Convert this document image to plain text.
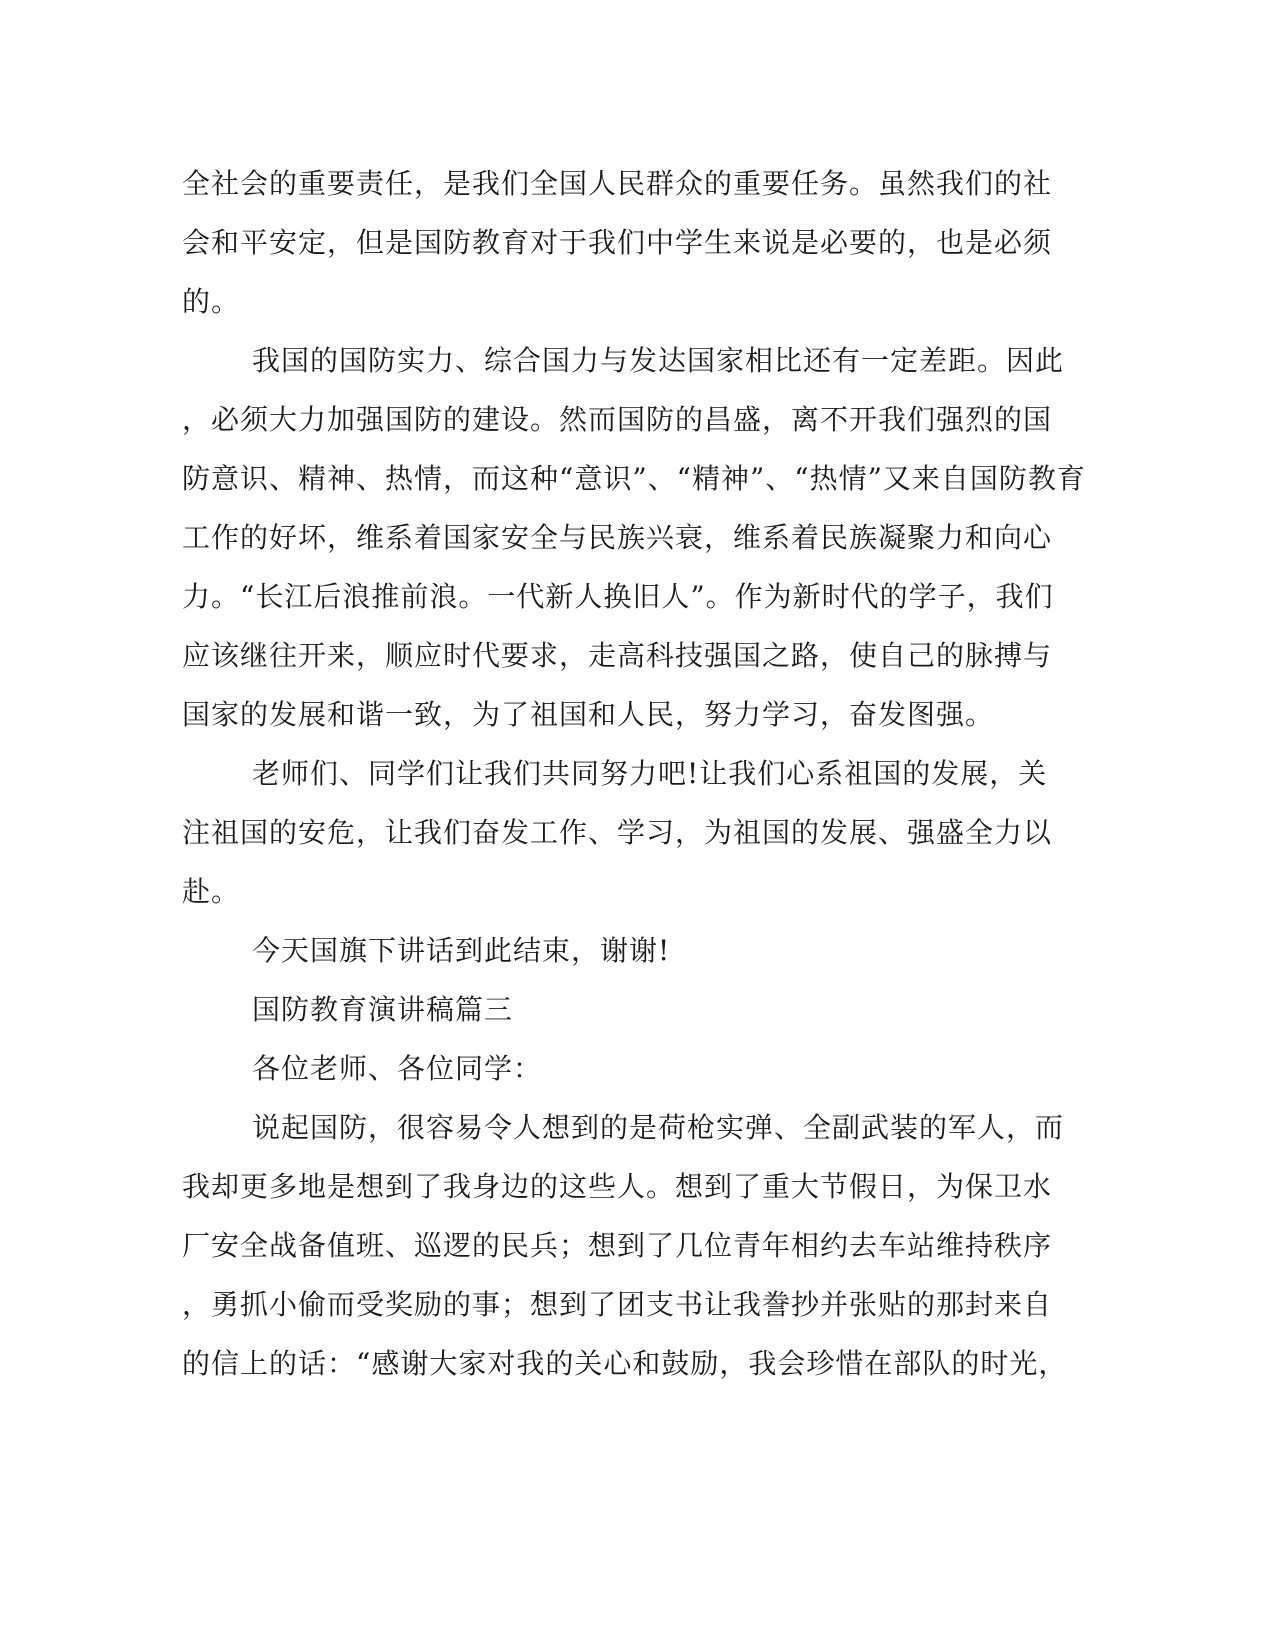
全社会的重要责任，是我们全国人民群众的重要任务。虽然我们的社
会和平安定，但是国防教育对于我们中学生来说是必要的，也是必须
的。
我国的国防实力、综合国力与发达国家相比还有一定差距。因此
，必须大力加强国防的建设。然而国防的昌盛，离不开我们强烈的国
防意识、精神、热情，而这种“意识”、“精神”、“热情”又来自国防教育
工作的好坏，维系着国家安全与民族兴衰，维系着民族凝聚力和向心
力。“长江后浪推前浪。一代新人换旧人”。作为新时代的学子，我们
应该继往开来，顺应时代要求，走高科技强国之路，使自己的脉搏与
国家的发展和谐一致，为了祖国和人民，努力学习，奋发图强。
老师们、同学们让我们共同努力吧!让我们心系祖国的发展，关
注祖国的安危，让我们奋发工作、学习，为祖国的发展、强盛全力以
赴。
今天国旗下讲话到此结束，谢谢!
国防教育演讲稿篇三
各位老师、各位同学：
说起国防，很容易令人想到的是荷枪实弹、全副武装的军人，而
我却更多地是想到了我身边的这些人。想到了重大节假日，为保卫水
厂安全战备值班、巡逻的民兵；想到了几位青年相约去车站维持秩序
，勇抓小偷而受奖励的事；想到了团支书让我誊抄并张贴的那封来自
的信上的话：“感谢大家对我的关心和鼓励，我会珍惜在部队的时光，
